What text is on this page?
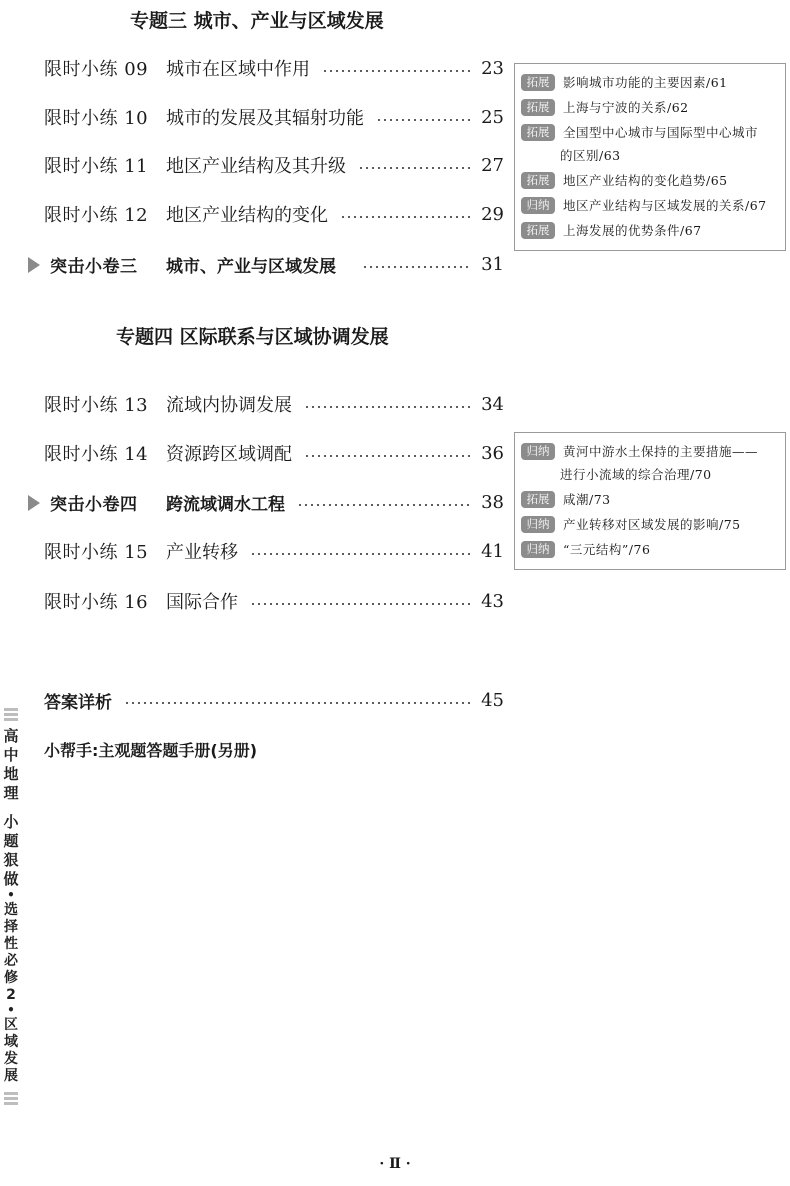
专题三 城市、产业与区域发展
限时小练 09 城市在区域中作用	23
限时小练 10 城市的发展及其辐射功能	25
限时小练 11 地区产业结构及其升级	27
限时小练 12 地区产业结构的变化	29
突击小卷三	城市、产业与区域发展	31
拓展	影响城市功能的主要因素/61
拓展	上海与宁波的关系/62
拓展	全国型中心城市与国际型中心城市
的区别/63
拓展	地区产业结构的变化趋势/65
归纳	地区产业结构与区域发展的关系/67
拓展	上海发展的优势条件/67
专题四 区际联系与区域协调发展
限时小练 13 流域内协调发展	34
限时小练 14 资源跨区域调配	36
突击小卷四	跨流域调水工程	38
限时小练 15 产业转移	41
限时小练 16 国际合作	43
归纳	黄河中游水土保持的主要措施——
进行小流域的综合治理/70
拓展	咸潮/73
归纳	产业转移对区域发展的影响/75
归纳	“三元结构”/76
答案详析	45
小帮手:主观题答题手册(另册)
高中地理
小题狠做
•
选择性必修2
•
区域发展
· Ⅱ ·
